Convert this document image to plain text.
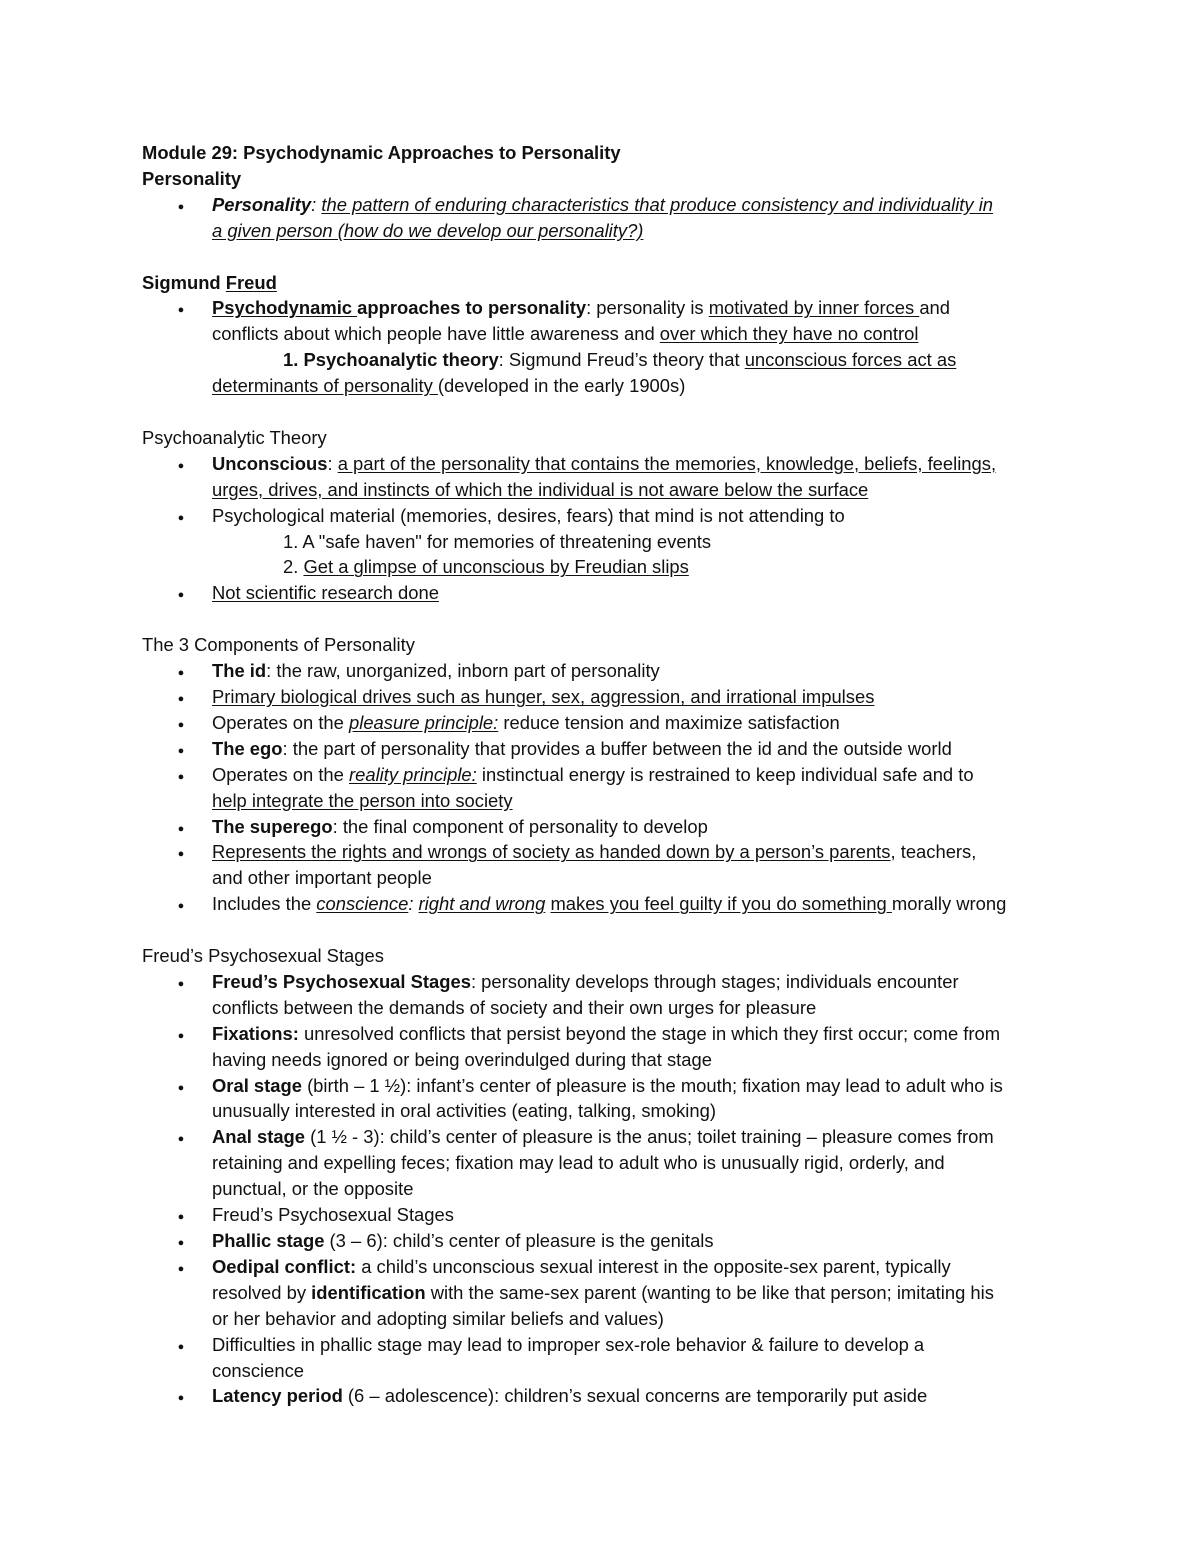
Module 29: Psychodynamic Approaches to Personality
Personality
●
Personality: the pattern of enduring characteristics that produce consistency and individuality in
a given person (how do we develop our personality?)
Sigmund Freud
●
Psychodynamic approaches to personality: personality is motivated by inner forces and
conflicts about which people have little awareness and over which they have no control
1. Psychoanalytic theory: Sigmund Freud’s theory that unconscious forces act as
determinants of personality (developed in the early 1900s)
Psychoanalytic Theory
●
Unconscious: a part of the personality that contains the memories, knowledge, beliefs, feelings,
urges, drives, and instincts of which the individual is not aware below the surface
●
Psychological material (memories, desires, fears) that mind is not attending to
1. A "safe haven" for memories of threatening events
2. Get a glimpse of unconscious by Freudian slips
●
Not scientific research done
The 3 Components of Personality
●
The id: the raw, unorganized, inborn part of personality
●
Primary biological drives such as hunger, sex, aggression, and irrational impulses
●
Operates on the pleasure principle: reduce tension and maximize satisfaction
●
The ego: the part of personality that provides a buffer between the id and the outside world
●
Operates on the reality principle: instinctual energy is restrained to keep individual safe and to
help integrate the person into society
●
The superego: the final component of personality to develop
●
Represents the rights and wrongs of society as handed down by a person’s parents, teachers,
and other important people
●
Includes the conscience: right and wrong makes you feel guilty if you do something morally wrong
Freud’s Psychosexual Stages
●
Freud’s Psychosexual Stages: personality develops through stages; individuals encounter
conflicts between the demands of society and their own urges for pleasure
●
Fixations: unresolved conflicts that persist beyond the stage in which they first occur; come from
having needs ignored or being overindulged during that stage
●
Oral stage (birth – 1 ½): infant’s center of pleasure is the mouth; fixation may lead to adult who is
unusually interested in oral activities (eating, talking, smoking)
●
Anal stage (1 ½ - 3): child’s center of pleasure is the anus; toilet training – pleasure comes from
retaining and expelling feces; fixation may lead to adult who is unusually rigid, orderly, and
punctual, or the opposite
●
Freud’s Psychosexual Stages
●
Phallic stage (3 – 6): child’s center of pleasure is the genitals
●
Oedipal conflict: a child’s unconscious sexual interest in the opposite-sex parent, typically
resolved by identification with the same-sex parent (wanting to be like that person; imitating his
or her behavior and adopting similar beliefs and values)
●
Difficulties in phallic stage may lead to improper sex-role behavior & failure to develop a
conscience
●
Latency period (6 – adolescence): children’s sexual concerns are temporarily put aside
